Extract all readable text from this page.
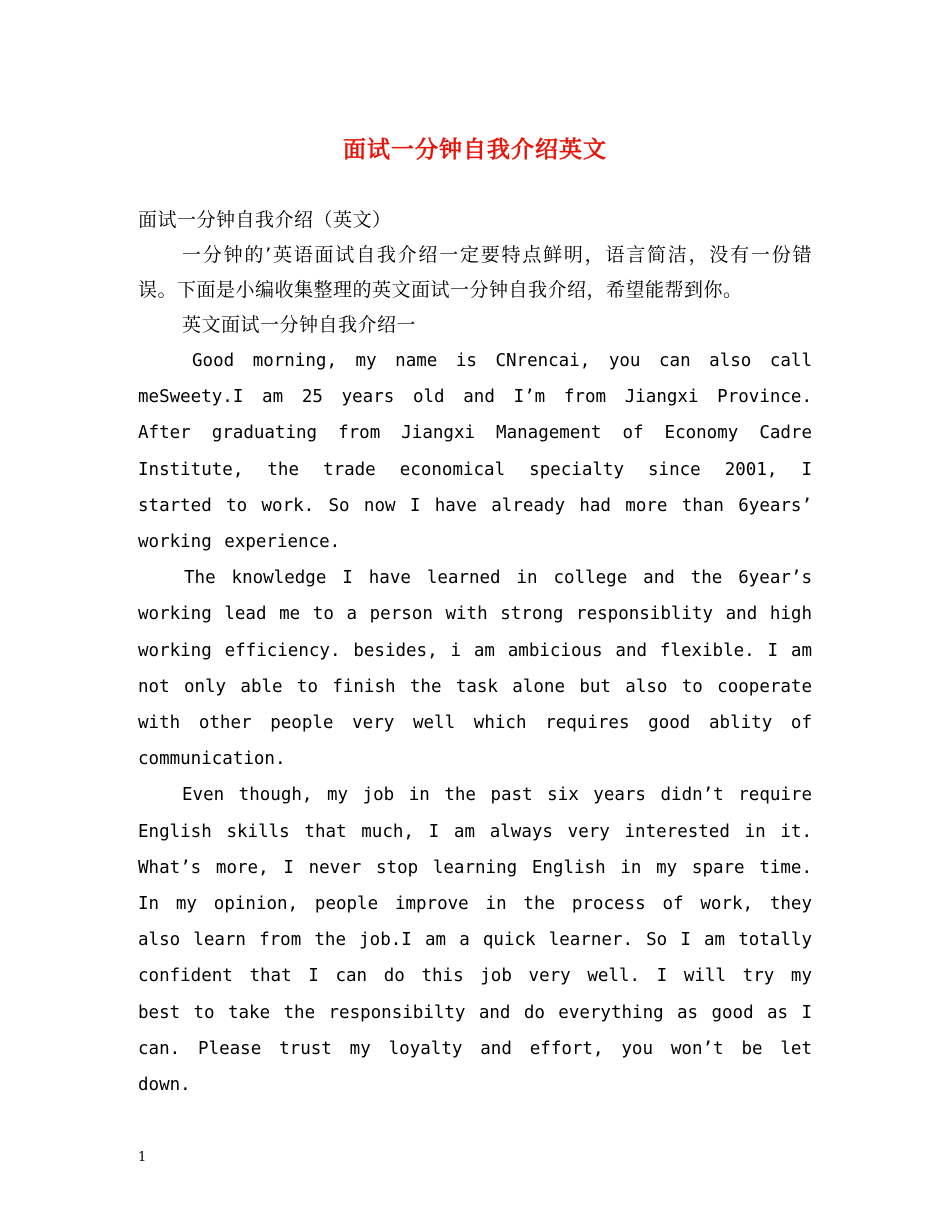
面试一分钟自我介绍英文

面试一分钟自我介绍（英文）

一分钟的’英语面试自我介绍一定要特点鲜明，语言简洁，没有一份错误。下面是小编收集整理的英文面试一分钟自我介绍，希望能帮到你。

英文面试一分钟自我介绍一

Good morning, my name is CNrencai, you can also call meSweety.I am 25 years old and I’m from Jiangxi Province. After graduating from Jiangxi Management of Economy Cadre Institute, the trade economical specialty since 2001, I started to work. So now I have already had more than 6years’ working experience.

The knowledge I have learned in college and the 6year’s working lead me to a person with strong responsiblity and high working efficiency. besides, i am ambicious and flexible. I am not only able to finish the task alone but also to cooperate with other people very well which requires good ablity of communication.

Even though, my job in the past six years didn’t require English skills that much, I am always very interested in it. What’s more, I never stop learning English in my spare time. In my opinion, people improve in the process of work, they also learn from the job.I am a quick learner. So I am totally confident that I can do this job very well. I will try my best to take the responsibilty and do everything as good as I can. Please trust my loyalty and effort, you won’t be let down.

1
